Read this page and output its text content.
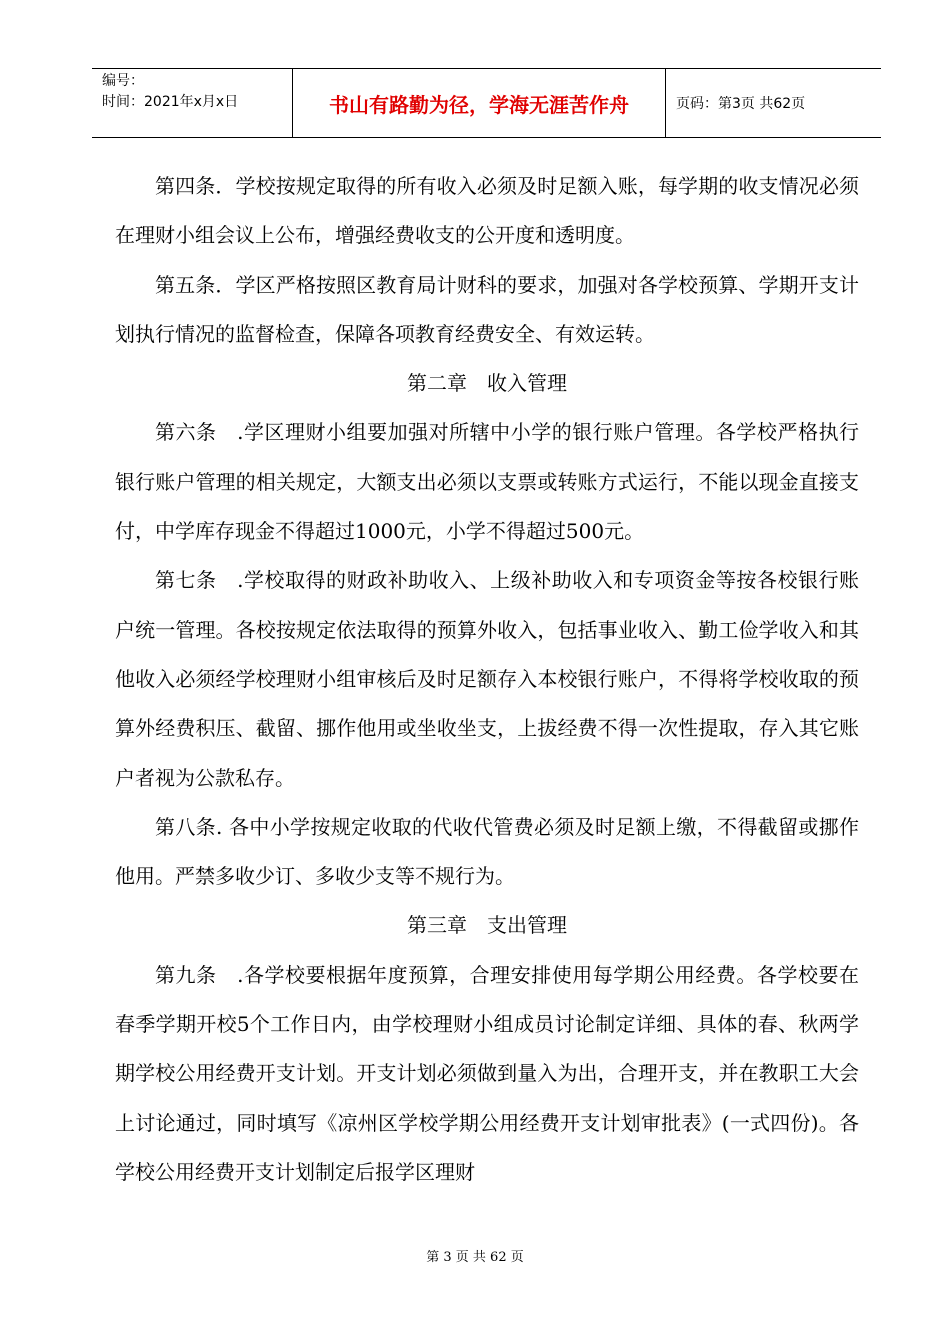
编号：
时间：2021年x月x日	书山有路勤为径，学海无涯苦作舟	页码：第3页 共62页

第四条．学校按规定取得的所有收入必须及时足额入账，每学期的收支情况必须在理财小组会议上公布，增强经费收支的公开度和透明度。

第五条．学区严格按照区教育局计财科的要求，加强对各学校预算、学期开支计划执行情况的监督检查，保障各项教育经费安全、有效运转。

第二章　收入管理

第六条　.学区理财小组要加强对所辖中小学的银行账户管理。各学校严格执行银行账户管理的相关规定，大额支出必须以支票或转账方式运行，不能以现金直接支付，中学库存现金不得超过1000元，小学不得超过500元。

第七条　.学校取得的财政补助收入、上级补助收入和专项资金等按各校银行账户统一管理。各校按规定依法取得的预算外收入，包括事业收入、勤工俭学收入和其他收入必须经学校理财小组审核后及时足额存入本校银行账户，不得将学校收取的预算外经费积压、截留、挪作他用或坐收坐支，上拔经费不得一次性提取，存入其它账户者视为公款私存。

第八条. 各中小学按规定收取的代收代管费必须及时足额上缴，不得截留或挪作他用。严禁多收少订、多收少支等不规行为。

第三章　支出管理

第九条　.各学校要根据年度预算，合理安排使用每学期公用经费。各学校要在春季学期开校5个工作日内，由学校理财小组成员讨论制定详细、具体的春、秋两学期学校公用经费开支计划。开支计划必须做到量入为出，合理开支，并在教职工大会上讨论通过，同时填写《凉州区学校学期公用经费开支计划审批表》(一式四份)。各学校公用经费开支计划制定后报学区理财

第 3 页 共 62 页
